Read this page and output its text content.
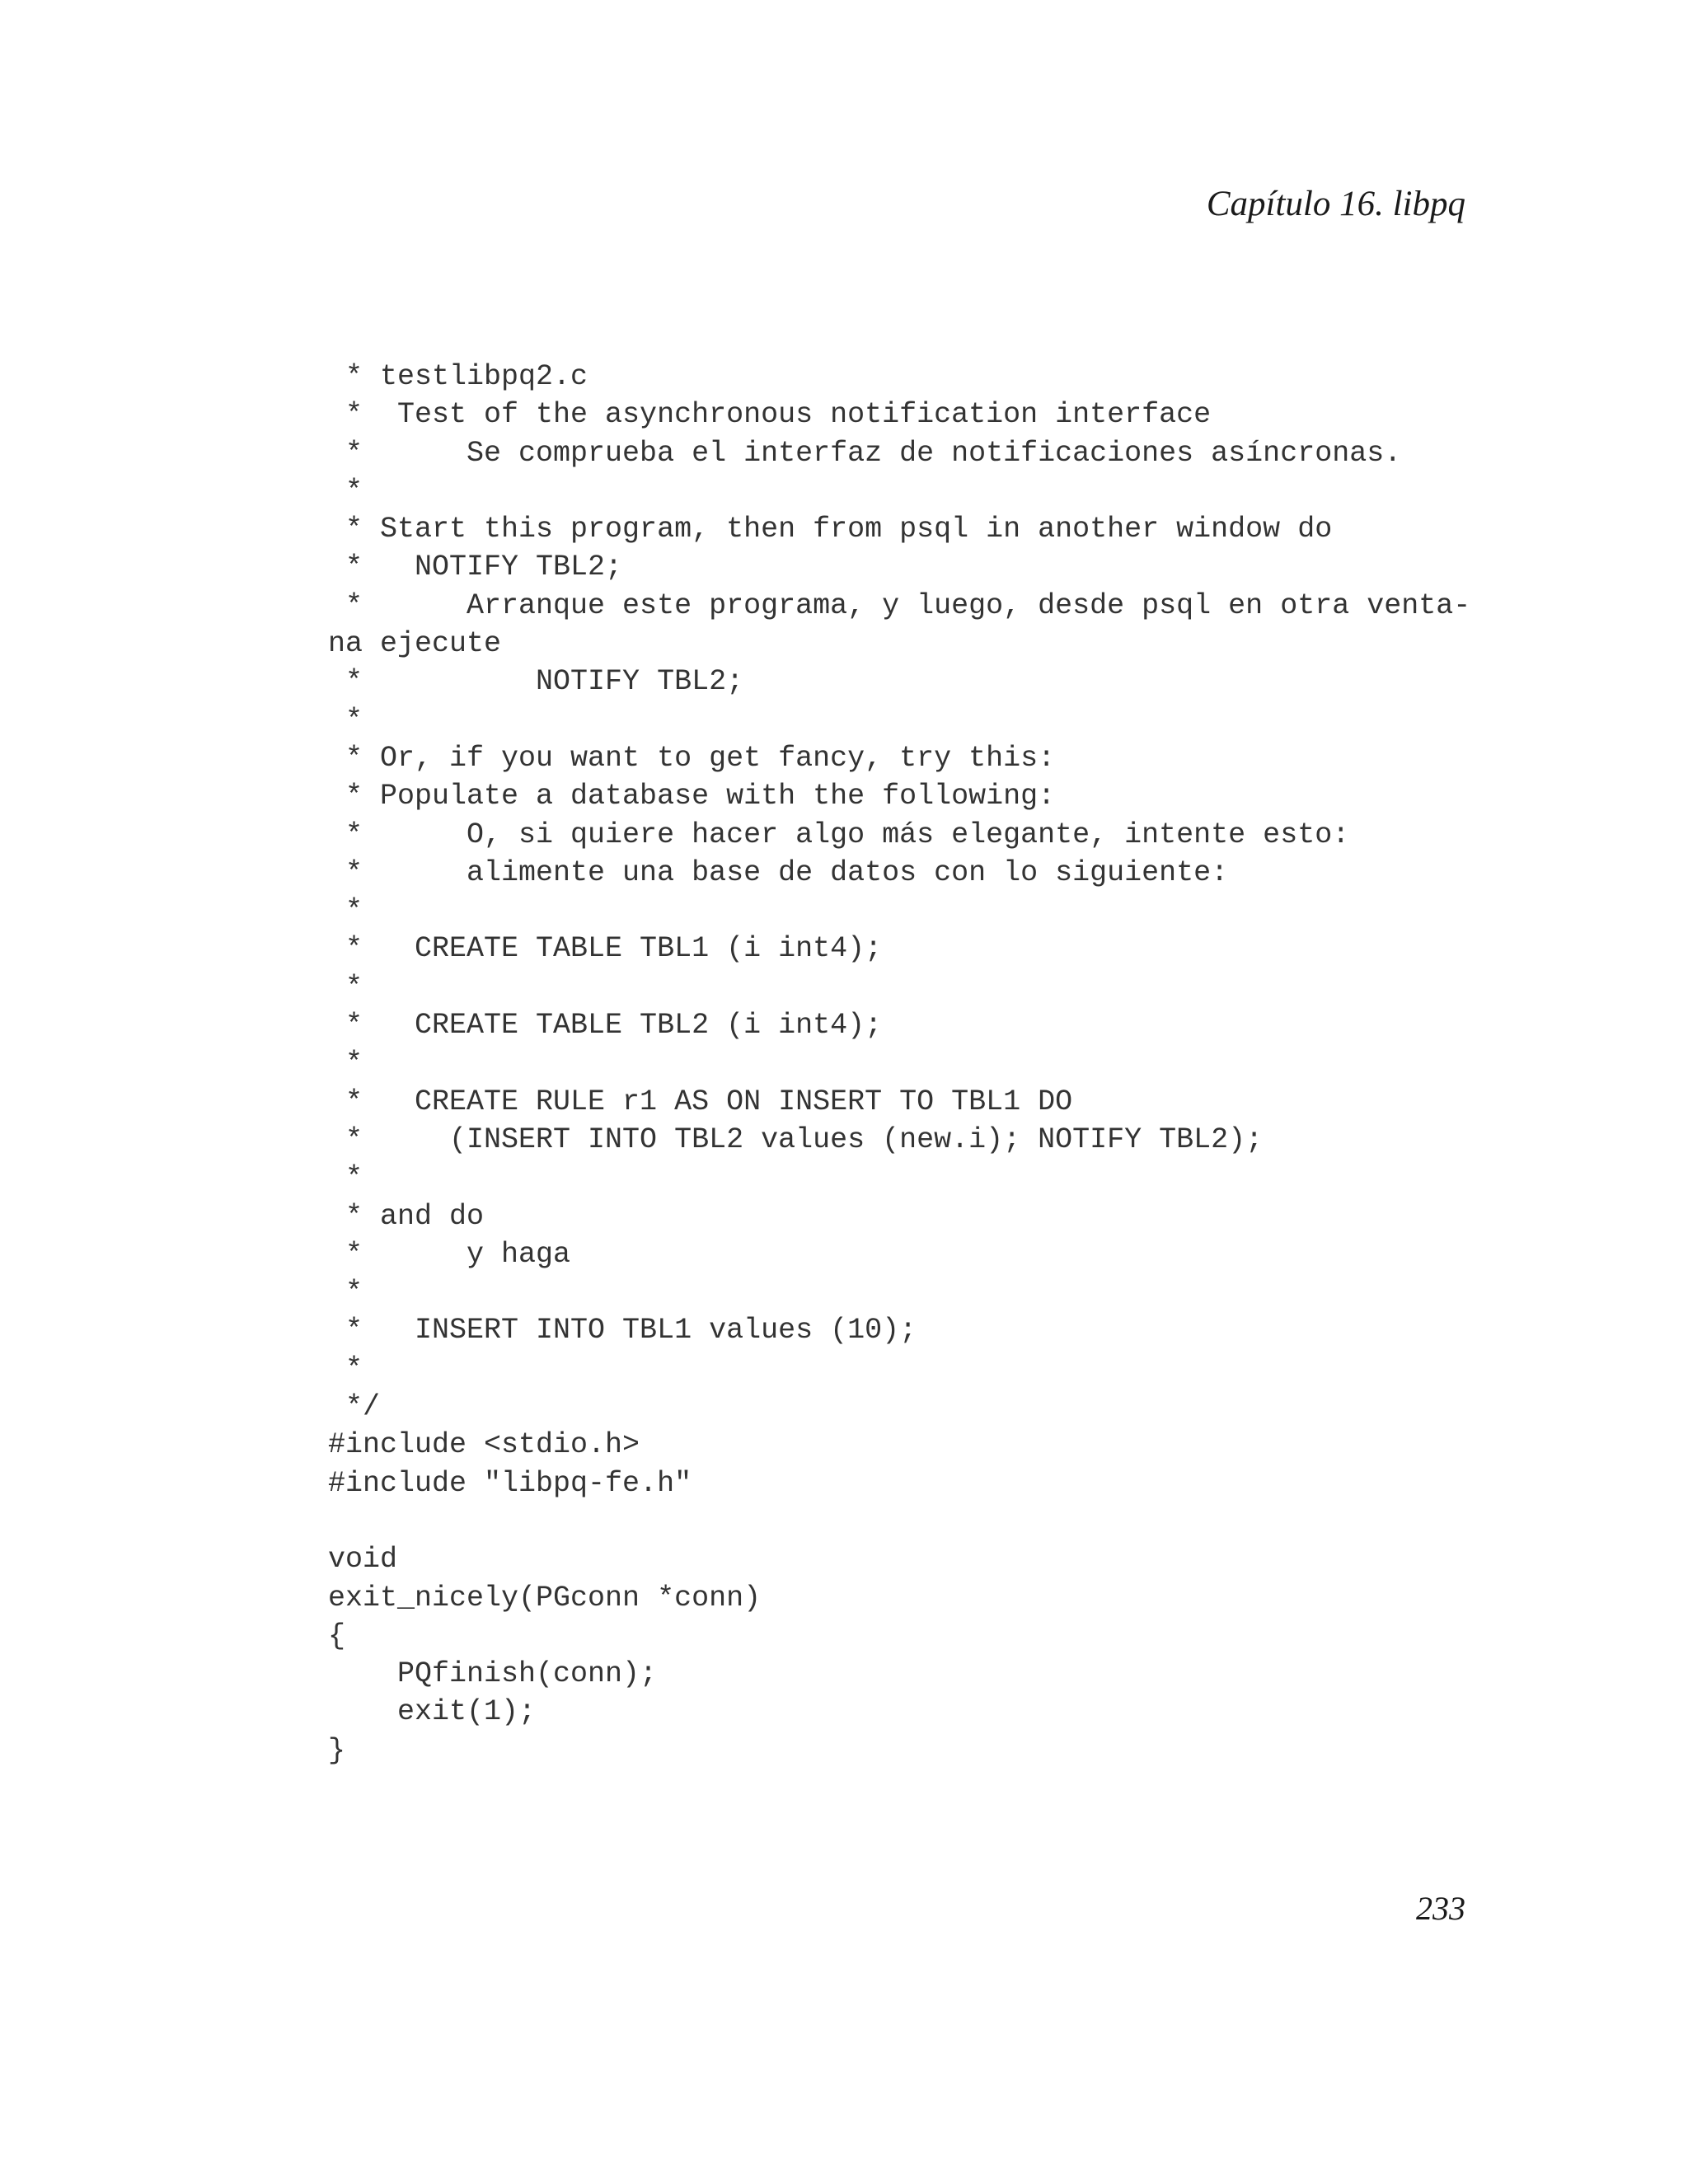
Capítulo 16. libpq
* testlibpq2.c
*  Test of the asynchronous notification interface
*      Se comprueba el interfaz de notificaciones asíncronas.
*
* Start this program, then from psql in another window do
*   NOTIFY TBL2;
*      Arranque este programa, y luego, desde psql en otra venta-
na ejecute
*          NOTIFY TBL2;
*
* Or, if you want to get fancy, try this:
* Populate a database with the following:
*      O, si quiere hacer algo más elegante, intente esto:
*      alimente una base de datos con lo siguiente:
*
*   CREATE TABLE TBL1 (i int4);
*
*   CREATE TABLE TBL2 (i int4);
*
*   CREATE RULE r1 AS ON INSERT TO TBL1 DO
*     (INSERT INTO TBL2 values (new.i); NOTIFY TBL2);
*
* and do
*      y haga
*
*   INSERT INTO TBL1 values (10);
*
*/
#include <stdio.h>
#include "libpq-fe.h"
void
exit_nicely(PGconn *conn)
{
PQfinish(conn);
exit(1);
}
233
